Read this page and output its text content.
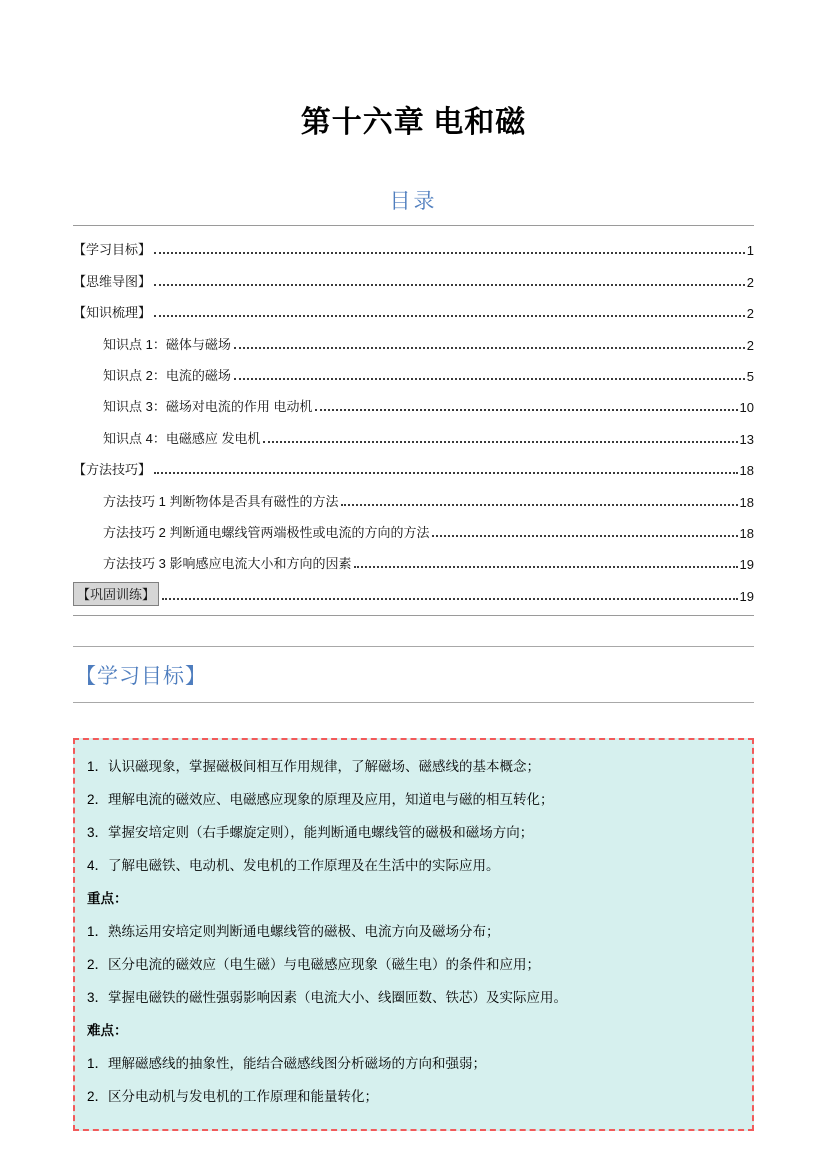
第十六章 电和磁
目录
【学习目标】	1
【思维导图】	2
【知识梳理】	2
知识点 1：磁体与磁场	2
知识点 2：电流的磁场	5
知识点 3：磁场对电流的作用 电动机	10
知识点 4：电磁感应 发电机	13
【方法技巧】	18
方法技巧 1 判断物体是否具有磁性的方法	18
方法技巧 2 判断通电螺线管两端极性或电流的方向的方法	18
方法技巧 3 影响感应电流大小和方向的因素	19
【巩固训练】	19
【学习目标】
1．认识磁现象，掌握磁极间相互作用规律，了解磁场、磁感线的基本概念；
2．理解电流的磁效应、电磁感应现象的原理及应用，知道电与磁的相互转化；
3．掌握安培定则（右手螺旋定则），能判断通电螺线管的磁极和磁场方向；
4．了解电磁铁、电动机、发电机的工作原理及在生活中的实际应用。
重点：
1．熟练运用安培定则判断通电螺线管的磁极、电流方向及磁场分布；
2．区分电流的磁效应（电生磁）与电磁感应现象（磁生电）的条件和应用；
3．掌握电磁铁的磁性强弱影响因素（电流大小、线圈匝数、铁芯）及实际应用。
难点：
1．理解磁感线的抽象性，能结合磁感线图分析磁场的方向和强弱；
2．区分电动机与发电机的工作原理和能量转化；
